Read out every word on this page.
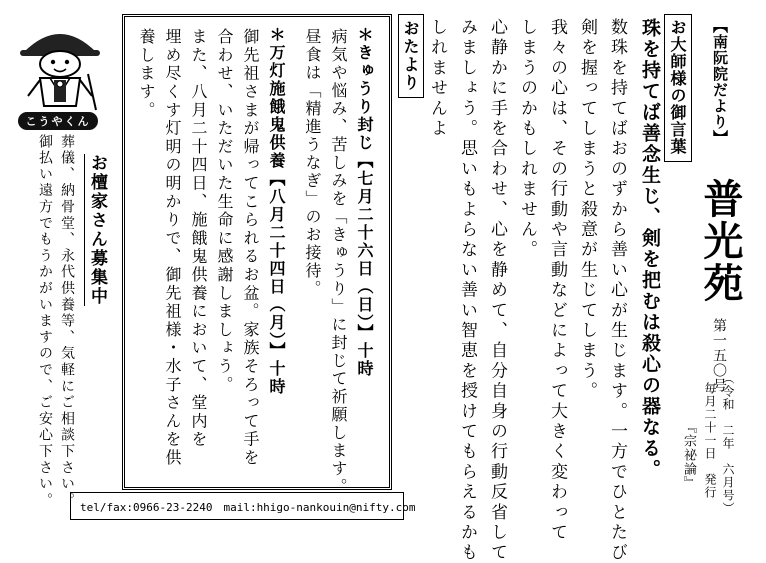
【南阮院だより】
普光苑
第一五〇号
（令和　二年　六月号）
毎月二十一日　発行
『宗祕論』
お大師様の御言葉
珠を持てば善念生じ、剣を把むは殺心の器なる。
数珠を持てばおのずから善い心が生じます。一方でひとたび
剣を握ってしまうと殺意が生じてしまう。
我々の心は、その行動や言動などによって大きく変わって
しまうのかもしれません。
心静かに手を合わせ、心を静めて、自分自身の行動反省して
みましょう。思いもよらない善い智恵を授けてもらえるかも
しれませんよ
おたより
＊きゅうり封じ【七月二十六日（日）】十時
病気や悩み、苦しみを「きゅうり」に封じて祈願します。
昼食は「精進うなぎ」のお接待。
＊万灯施餓鬼供養【八月二十四日（月）】十時
御先祖さまが帰ってこられるお盆。家族そろって手を
合わせ、いただいた生命に感謝しましょう。
また、八月二十四日、施餓鬼供養において、堂内を
埋め尽くす灯明の明かりで、御先祖様・水子さんを供
養します。
こうやくん
お檀家さん募集中
葬儀、納骨堂、永代供養等、気軽にご相談下さい。
御払い遠方でもうかがいますので、ご安心下さい。 tel/fax:0966-23-2240　mail:hhigo-nankouin@nifty.com
